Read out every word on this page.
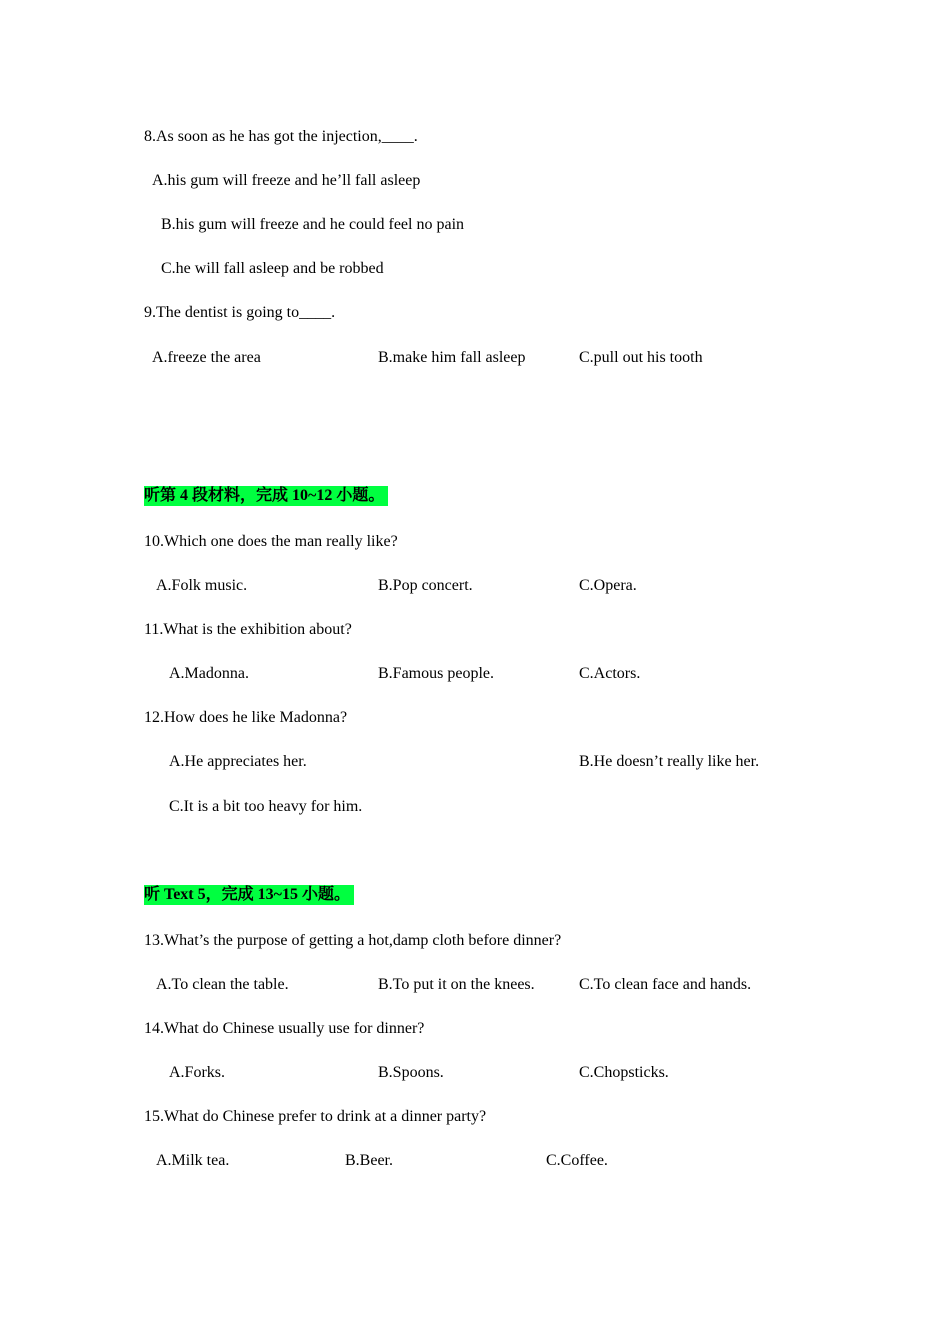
8.As soon as he has got the injection,____.
A.his gum will freeze and he’ll fall asleep
B.his gum will freeze and he could feel no pain
C.he will fall asleep and be robbed
9.The dentist is going to____.
A.freeze the area	B.make him fall asleep	C.pull out his tooth
听第 4 段材料，完成 10~12 小题。
10.Which one does the man really like?
A.Folk music.	B.Pop concert.	C.Opera.
11.What is the exhibition about?
A.Madonna.	B.Famous people.	C.Actors.
12.How does he like Madonna?
A.He appreciates her.	B.He doesn’t really like her.
C.It is a bit too heavy for him.
听 Text 5，完成 13~15 小题。
13.What’s the purpose of getting a hot,damp cloth before dinner?
A.To clean the table.	B.To put it on the knees.	C.To clean face and hands.
14.What do Chinese usually use for dinner?
A.Forks.	B.Spoons.	C.Chopsticks.
15.What do Chinese prefer to drink at a dinner party?
A.Milk tea.	B.Beer.	C.Coffee.
